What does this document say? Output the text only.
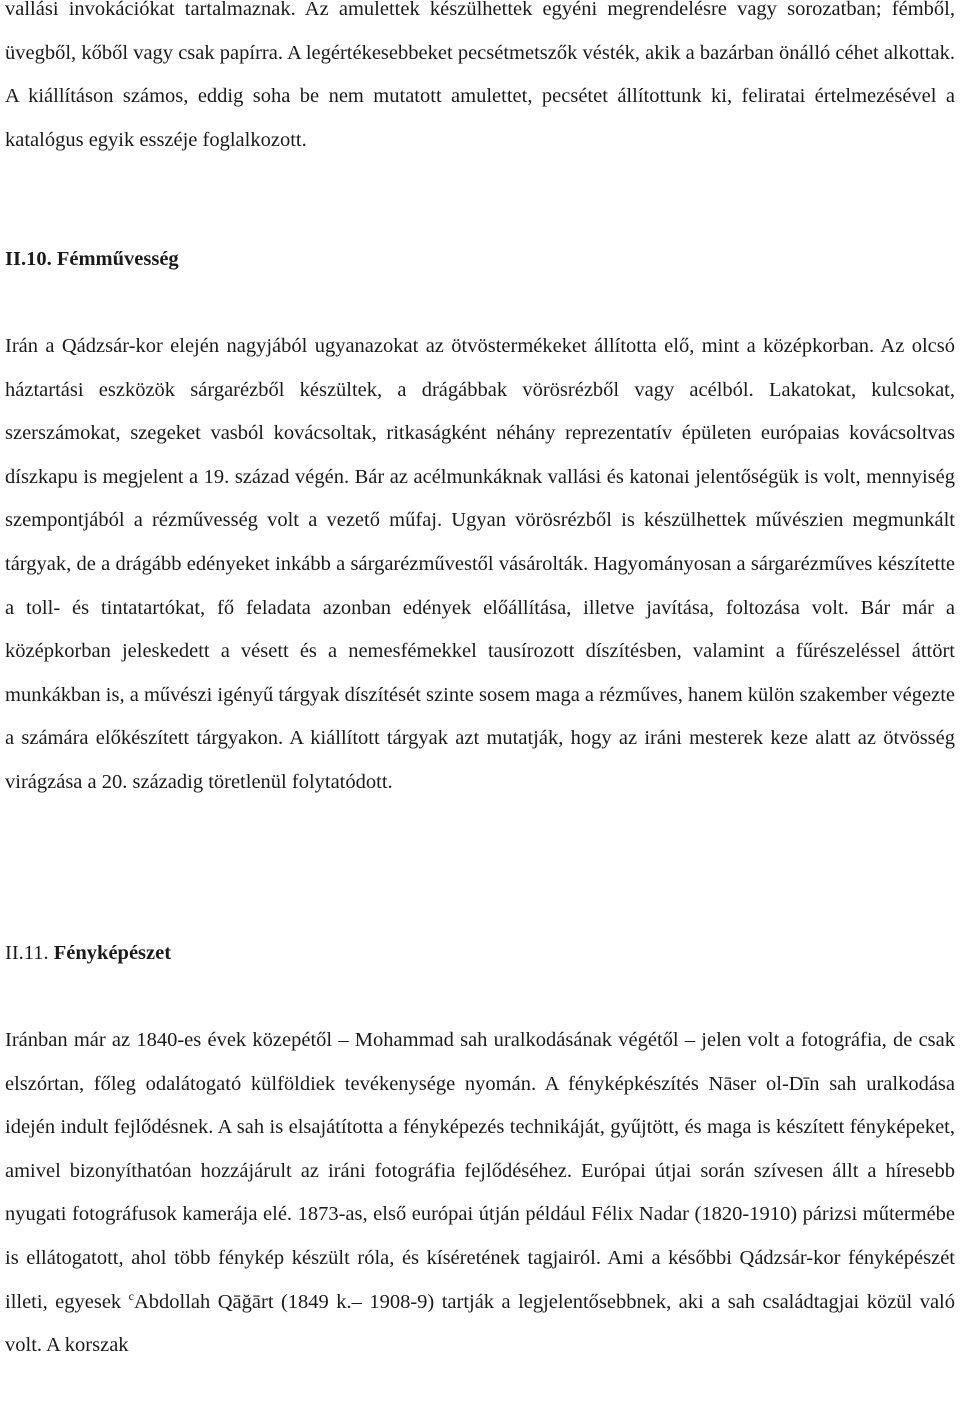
vallási invokációkat tartalmaznak. Az amulettek készülhettek egyéni megrendelésre vagy sorozatban; fémből, üvegből, kőből vagy csak papírra. A legértékesebbeket pecsétmetszők vésték, akik a bazárban önálló céhet alkottak. A kiállításon számos, eddig soha be nem mutatott amulettet, pecsétet állítottunk ki, feliratai értelmezésével a katalógus egyik esszéje foglalkozott.

II.10. Fémművesség

Irán a Qádzsár-kor elején nagyjából ugyanazokat az ötvöstermékeket állította elő, mint a középkorban. Az olcsó háztartási eszközök sárgarézből készültek, a drágábbak vörösrézből vagy acélból. Lakatokat, kulcsokat, szerszámokat, szegeket vasból kovácsoltak, ritkaságként néhány reprezentatív épületen európaias kovácsoltvas díszkapu is megjelent a 19. század végén. Bár az acélmunkáknak vallási és katonai jelentőségük is volt, mennyiség szempontjából a rézművesség volt a vezető műfaj. Ugyan vörösrézből is készülhettek művészien megmunkált tárgyak, de a drágább edényeket inkább a sárgarézművestől vásárolták. Hagyományosan a sárgarézműves készítette a toll- és tintatartókat, fő feladata azonban edények előállítása, illetve javítása, foltozása volt. Bár már a középkorban jeleskedett a vésett és a nemesfémekkel tausírozott díszítésben, valamint a fűrészeléssel áttört munkákban is, a művészi igényű tárgyak díszítését szinte sosem maga a rézműves, hanem külön szakember végezte a számára előkészített tárgyakon. A kiállított tárgyak azt mutatják, hogy az iráni mesterek keze alatt az ötvösség virágzása a 20. századig töretlenül folytatódott.

II.11. Fényképészet

Iránban már az 1840-es évek közepétől – Mohammad sah uralkodásának végétől – jelen volt a fotográfia, de csak elszórtan, főleg odalátogató külföldiek tevékenysége nyomán. A fényképkészítés Nāser ol-Dīn sah uralkodása idején indult fejlődésnek. A sah is elsajátította a fényképezés technikáját, gyűjtött, és maga is készített fényképeket, amivel bizonyíthatóan hozzájárult az iráni fotográfia fejlődéséhez. Európai útjai során szívesen állt a híresebb nyugati fotográfusok kamerája elé. 1873-as, első európai útján például Félix Nadar (1820-1910) párizsi műtermébe is ellátogatott, ahol több fénykép készült róla, és kíséretének tagjairól. Ami a későbbi Qádzsár-kor fényképészét illeti, egyesek $^c$Abdollah Qāğārt (1849 k.– 1908-9) tartják a legjelentősebbnek, aki a sah családtagjai közül való volt. A korszak
